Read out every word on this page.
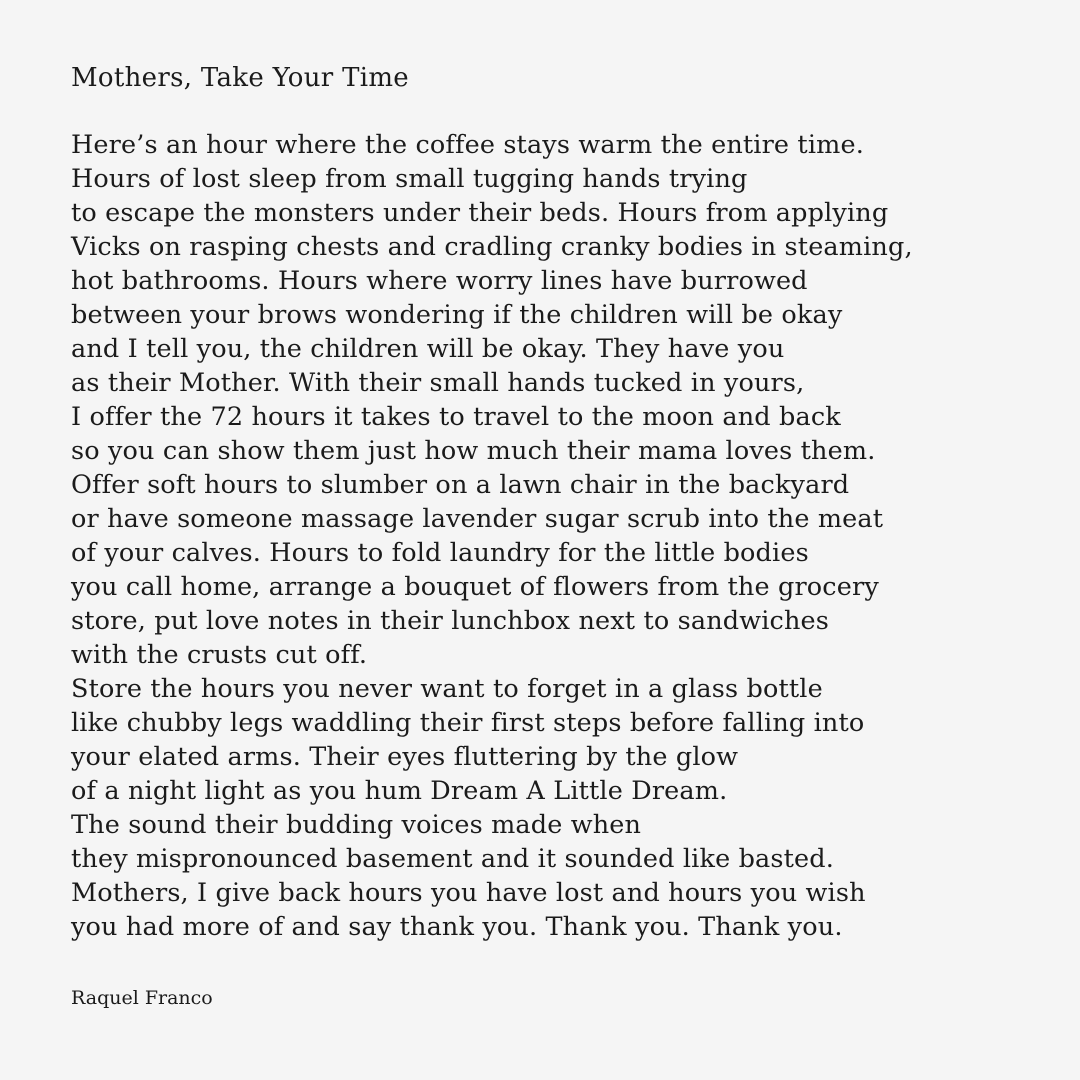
Mothers, Take Your Time
Here’s an hour where the coffee stays warm the entire time.
Hours of lost sleep from small tugging hands trying
to escape the monsters under their beds. Hours from applying
Vicks on rasping chests and cradling cranky bodies in steaming,
hot bathrooms. Hours where worry lines have burrowed
between your brows wondering if the children will be okay
and I tell you, the children will be okay. They have you
as their Mother. With their small hands tucked in yours,
I offer the 72 hours it takes to travel to the moon and back
so you can show them just how much their mama loves them.
Offer soft hours to slumber on a lawn chair in the backyard
or have someone massage lavender sugar scrub into the meat
of your calves. Hours to fold laundry for the little bodies
you call home, arrange a bouquet of flowers from the grocery
store, put love notes in their lunchbox next to sandwiches
with the crusts cut off.
Store the hours you never want to forget in a glass bottle
like chubby legs waddling their first steps before falling into
your elated arms. Their eyes fluttering by the glow
of a night light as you hum Dream A Little Dream.
The sound their budding voices made when
they mispronounced basement and it sounded like basted.
Mothers, I give back hours you have lost and hours you wish
you had more of and say thank you. Thank you. Thank you.

Raquel Franco
